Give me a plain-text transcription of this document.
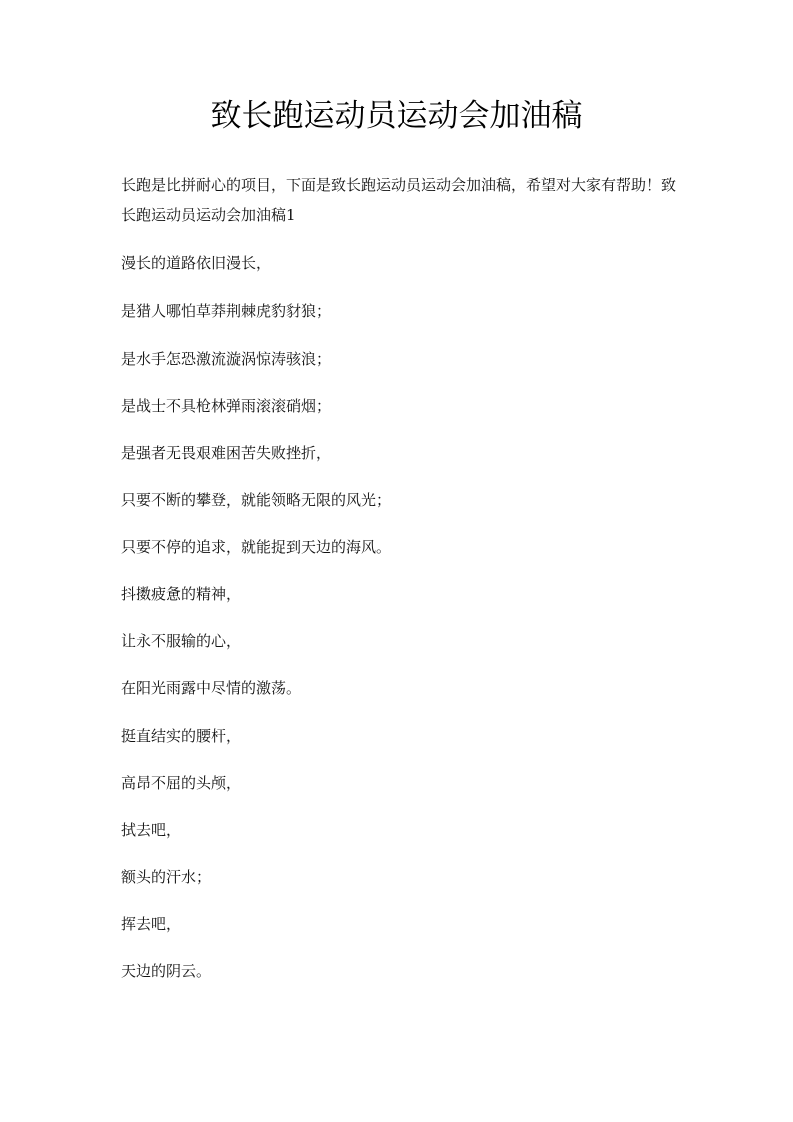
致长跑运动员运动会加油稿

长跑是比拼耐心的项目，下面是致长跑运动员运动会加油稿，希望对大家有帮助！致长跑运动员运动会加油稿1

漫长的道路依旧漫长，

是猎人哪怕草莽荆棘虎豹豺狼；

是水手怎恐激流漩涡惊涛骇浪；

是战士不具枪林弹雨滚滚硝烟；

是强者无畏艰难困苦失败挫折，

只要不断的攀登，就能领略无限的风光；

只要不停的追求，就能捉到天边的海风。

抖擞疲惫的精神，

让永不服输的心，

在阳光雨露中尽情的激荡。

挺直结实的腰杆，

高昂不屈的头颅，

拭去吧，

额头的汗水；

挥去吧，

天边的阴云。
